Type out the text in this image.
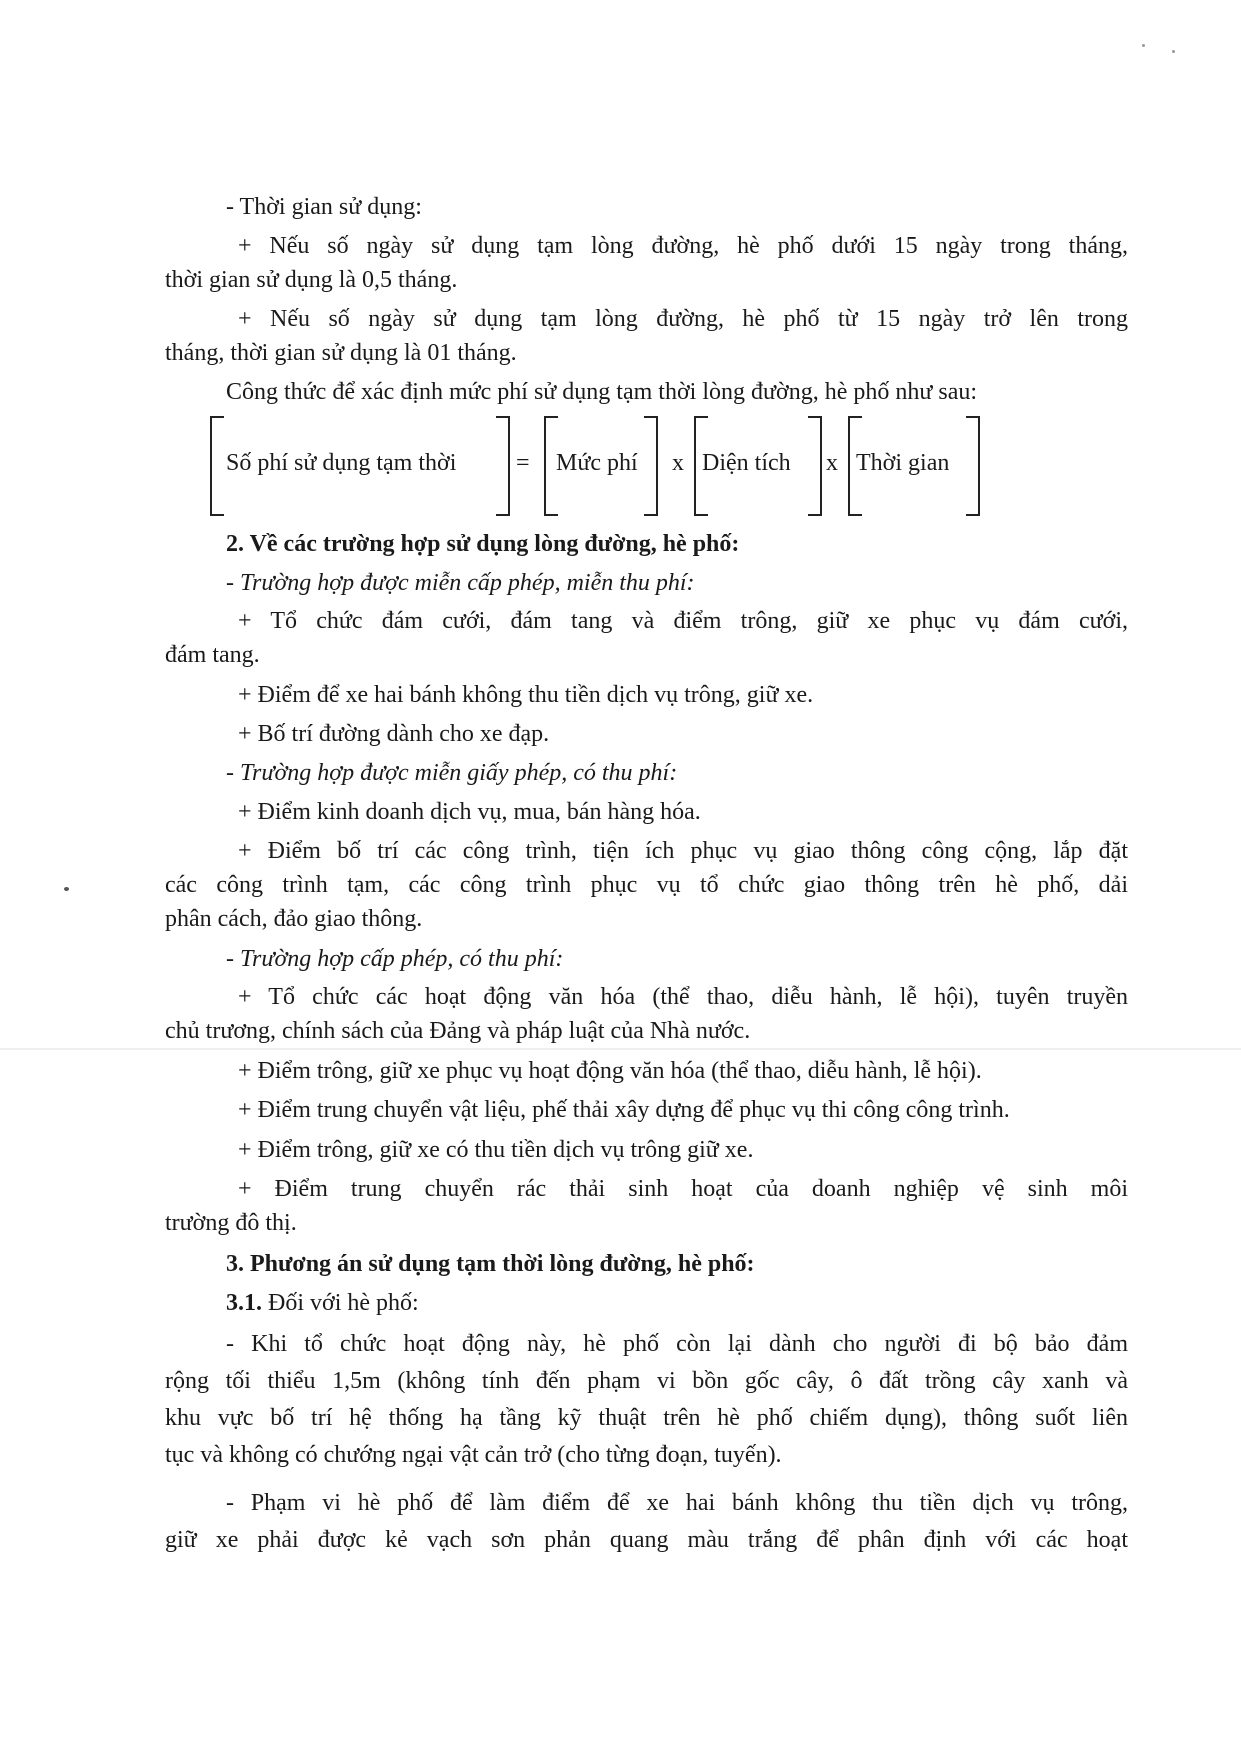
- Thời gian sử dụng:
+ Nếu số ngày sử dụng tạm lòng đường, hè phố dưới 15 ngày trong tháng,
thời gian sử dụng là 0,5 tháng.
+ Nếu số ngày sử dụng tạm lòng đường, hè phố từ 15 ngày trở lên trong
tháng, thời gian sử dụng là 01 tháng.
Công thức để xác định mức phí sử dụng tạm thời lòng đường, hè phố như sau:
Số phí sử dụng tạm thời = Mức phí x Diện tích x Thời gian
2. Về các trường hợp sử dụng lòng đường, hè phố:
- Trường hợp được miễn cấp phép, miễn thu phí:
+ Tổ chức đám cưới, đám tang và điểm trông, giữ xe phục vụ đám cưới,
đám tang.
+ Điểm để xe hai bánh không thu tiền dịch vụ trông, giữ xe.
+ Bố trí đường dành cho xe đạp.
- Trường hợp được miễn giấy phép, có thu phí:
+ Điểm kinh doanh dịch vụ, mua, bán hàng hóa.
+ Điểm bố trí các công trình, tiện ích phục vụ giao thông công cộng, lắp đặt
các công trình tạm, các công trình phục vụ tổ chức giao thông trên hè phố, dải
phân cách, đảo giao thông.
- Trường hợp cấp phép, có thu phí:
+ Tổ chức các hoạt động văn hóa (thể thao, diễu hành, lễ hội), tuyên truyền
chủ trương, chính sách của Đảng và pháp luật của Nhà nước.
+ Điểm trông, giữ xe phục vụ hoạt động văn hóa (thể thao, diễu hành, lễ hội).
+ Điểm trung chuyển vật liệu, phế thải xây dựng để phục vụ thi công công trình.
+ Điểm trông, giữ xe có thu tiền dịch vụ trông giữ xe.
+ Điểm trung chuyển rác thải sinh hoạt của doanh nghiệp vệ sinh môi
trường đô thị.
3. Phương án sử dụng tạm thời lòng đường, hè phố:
3.1. Đối với hè phố:
- Khi tổ chức hoạt động này, hè phố còn lại dành cho người đi bộ bảo đảm
rộng tối thiểu 1,5m (không tính đến phạm vi bồn gốc cây, ô đất trồng cây xanh và
khu vực bố trí hệ thống hạ tầng kỹ thuật trên hè phố chiếm dụng), thông suốt liên
tục và không có chướng ngại vật cản trở (cho từng đoạn, tuyến).
- Phạm vi hè phố để làm điểm để xe hai bánh không thu tiền dịch vụ trông,
giữ xe phải được kẻ vạch sơn phản quang màu trắng để phân định với các hoạt
